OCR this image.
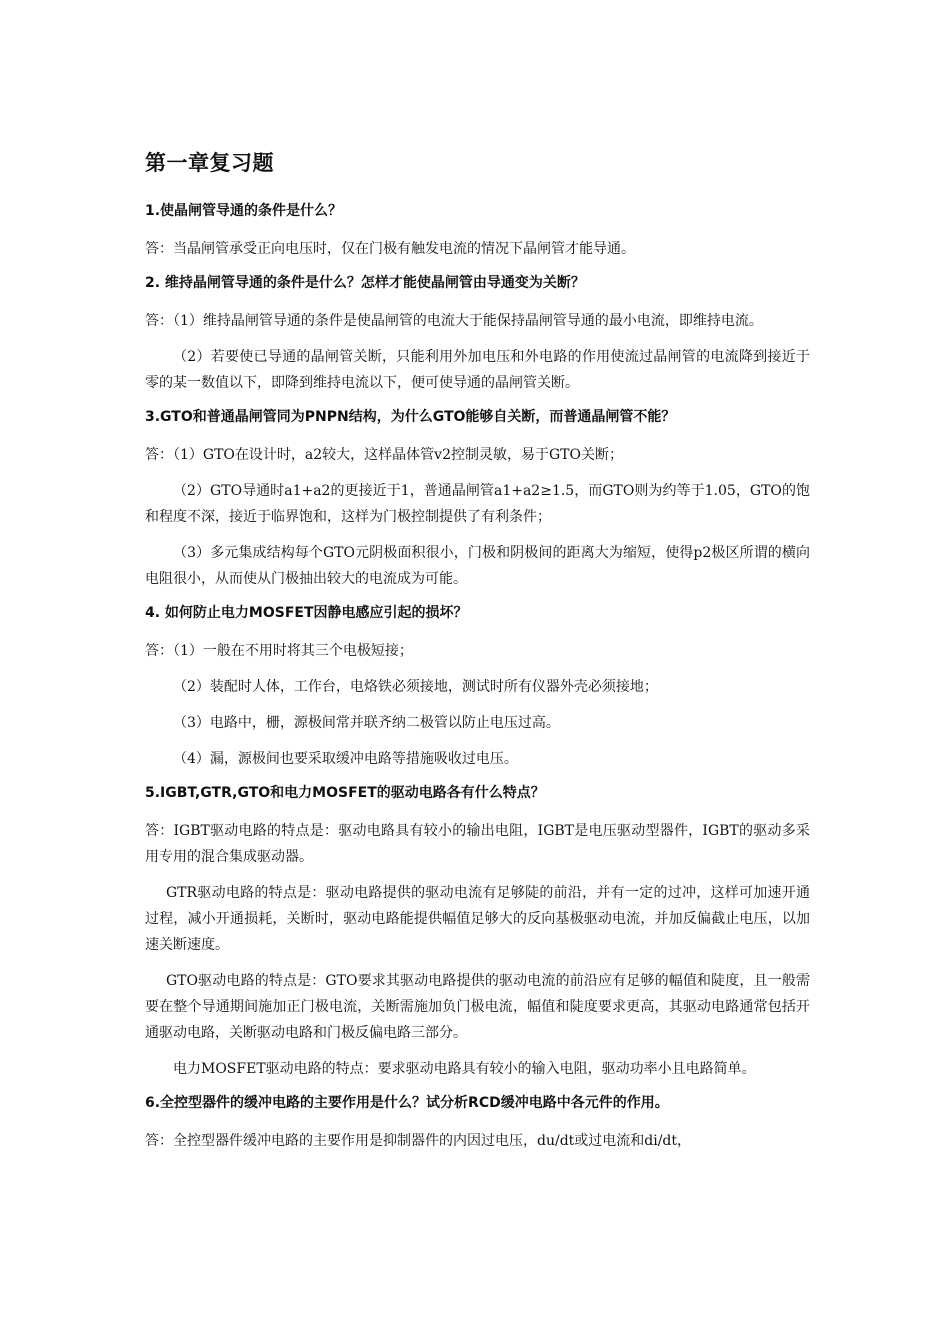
第一章复习题
1.使晶闸管导通的条件是什么？
答：当晶闸管承受正向电压时，仅在门极有触发电流的情况下晶闸管才能导通。
2. 维持晶闸管导通的条件是什么？怎样才能使晶闸管由导通变为关断？
答：（1）维持晶闸管导通的条件是使晶闸管的电流大于能保持晶闸管导通的最小电流，即维持电流。
（2）若要使已导通的晶闸管关断，只能利用外加电压和外电路的作用使流过晶闸管的电流降到接近于零的某一数值以下，即降到维持电流以下，便可使导通的晶闸管关断。
3.GTO和普通晶闸管同为PNPN结构，为什么GTO能够自关断，而普通晶闸管不能？
答：（1）GTO在设计时，a2较大，这样晶体管v2控制灵敏，易于GTO关断；
（2）GTO导通时a1+a2的更接近于1，普通晶闸管a1+a2≥1.5，而GTO则为约等于1.05，GTO的饱和程度不深，接近于临界饱和，这样为门极控制提供了有利条件；
（3）多元集成结构每个GTO元阴极面积很小，门极和阴极间的距离大为缩短，使得p2极区所谓的横向电阻很小，从而使从门极抽出较大的电流成为可能。
4. 如何防止电力MOSFET因静电感应引起的损坏？
答：（1）一般在不用时将其三个电极短接；
（2）装配时人体，工作台，电烙铁必须接地，测试时所有仪器外壳必须接地；
（3）电路中，栅，源极间常并联齐纳二极管以防止电压过高。
（4）漏，源极间也要采取缓冲电路等措施吸收过电压。
5.IGBT,GTR,GTO和电力MOSFET的驱动电路各有什么特点？
答：IGBT驱动电路的特点是：驱动电路具有较小的输出电阻，IGBT是电压驱动型器件，IGBT的驱动多采用专用的混合集成驱动器。
GTR驱动电路的特点是：驱动电路提供的驱动电流有足够陡的前沿，并有一定的过冲，这样可加速开通过程，减小开通损耗，关断时，驱动电路能提供幅值足够大的反向基极驱动电流，并加反偏截止电压，以加速关断速度。
GTO驱动电路的特点是：GTO要求其驱动电路提供的驱动电流的前沿应有足够的幅值和陡度，且一般需要在整个导通期间施加正门极电流，关断需施加负门极电流，幅值和陡度要求更高，其驱动电路通常包括开通驱动电路，关断驱动电路和门极反偏电路三部分。
电力MOSFET驱动电路的特点：要求驱动电路具有较小的输入电阻，驱动功率小且电路简单。
6.全控型器件的缓冲电路的主要作用是什么？试分析RCD缓冲电路中各元件的作用。
答：全控型器件缓冲电路的主要作用是抑制器件的内因过电压，du/dt或过电流和di/dt，
